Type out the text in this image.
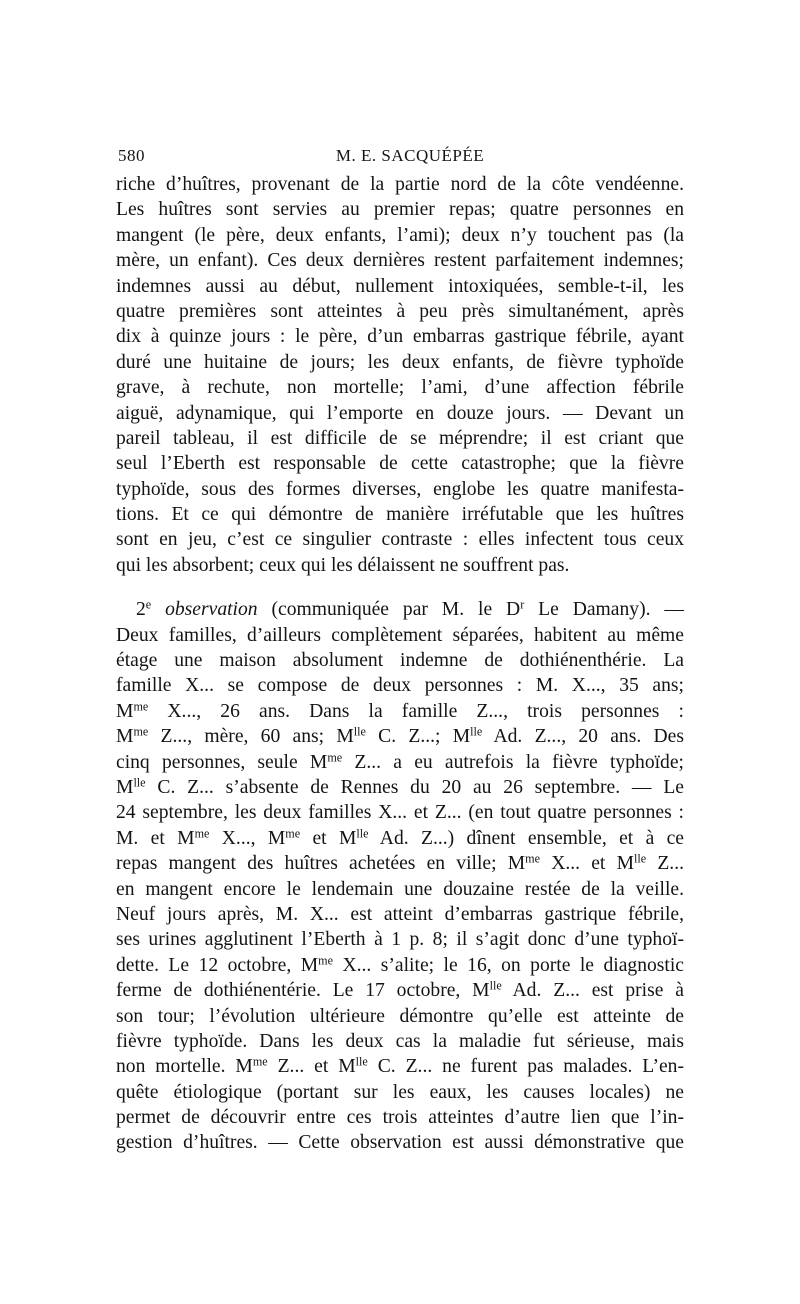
580	M. E. SACQUÉPÉE
riche d’huîtres, provenant de la partie nord de la côte vendéenne.
Les huîtres sont servies au premier repas; quatre personnes en
mangent (le père, deux enfants, l’ami); deux n’y touchent pas (la
mère, un enfant). Ces deux dernières restent parfaitement indemnes;
indemnes aussi au début, nullement intoxiquées, semble-t-il, les
quatre premières sont atteintes à peu près simultanément, après
dix à quinze jours : le père, d’un embarras gastrique fébrile, ayant
duré une huitaine de jours; les deux enfants, de fièvre typhoïde
grave, à rechute, non mortelle; l’ami, d’une affection fébrile
aiguë, adynamique, qui l’emporte en douze jours. — Devant un
pareil tableau, il est difficile de se méprendre; il est criant que
seul l’Eberth est responsable de cette catastrophe; que la fièvre
typhoïde, sous des formes diverses, englobe les quatre manifesta-
tions. Et ce qui démontre de manière irréfutable que les huîtres
sont en jeu, c’est ce singulier contraste : elles infectent tous ceux
qui les absorbent; ceux qui les délaissent ne souffrent pas.
2e observation (communiquée par M. le $D^r$ Le Damany). —
Deux familles, d’ailleurs complètement séparées, habitent au même
étage une maison absolument indemne de dothiénenthérie. La
famille X... se compose de deux personnes : M. X..., 35 ans;
$M^{me}$ X..., 26 ans. Dans la famille Z..., trois personnes :
$M^{me}$ Z..., mère, 60 ans; $M^{lle}$ C. Z...; $M^{lle}$ Ad. Z..., 20 ans. Des
cinq personnes, seule $M^{me}$ Z... a eu autrefois la fièvre typhoïde;
$M^{lle}$ C. Z... s’absente de Rennes du 20 au 26 septembre. — Le
24 septembre, les deux familles X... et Z... (en tout quatre personnes :
M. et $M^{me}$ X..., $M^{me}$ et $M^{lle}$ Ad. Z...) dînent ensemble, et à ce
repas mangent des huîtres achetées en ville; $M^{me}$ X... et $M^{lle}$ Z...
en mangent encore le lendemain une douzaine restée de la veille.
Neuf jours après, M. X... est atteint d’embarras gastrique fébrile,
ses urines agglutinent l’Eberth à 1 p. 8; il s’agit donc d’une typhoï-
dette. Le 12 octobre, $M^{me}$ X... s’alite; le 16, on porte le diagnostic
ferme de dothiénentérie. Le 17 octobre, $M^{lle}$ Ad. Z... est prise à
son tour; l’évolution ultérieure démontre qu’elle est atteinte de
fièvre typhoïde. Dans les deux cas la maladie fut sérieuse, mais
non mortelle. $M^{me}$ Z... et $M^{lle}$ C. Z... ne furent pas malades. L’en-
quête étiologique (portant sur les eaux, les causes locales) ne
permet de découvrir entre ces trois atteintes d’autre lien que l’in-
gestion d’huîtres. — Cette observation est aussi démonstrative que
